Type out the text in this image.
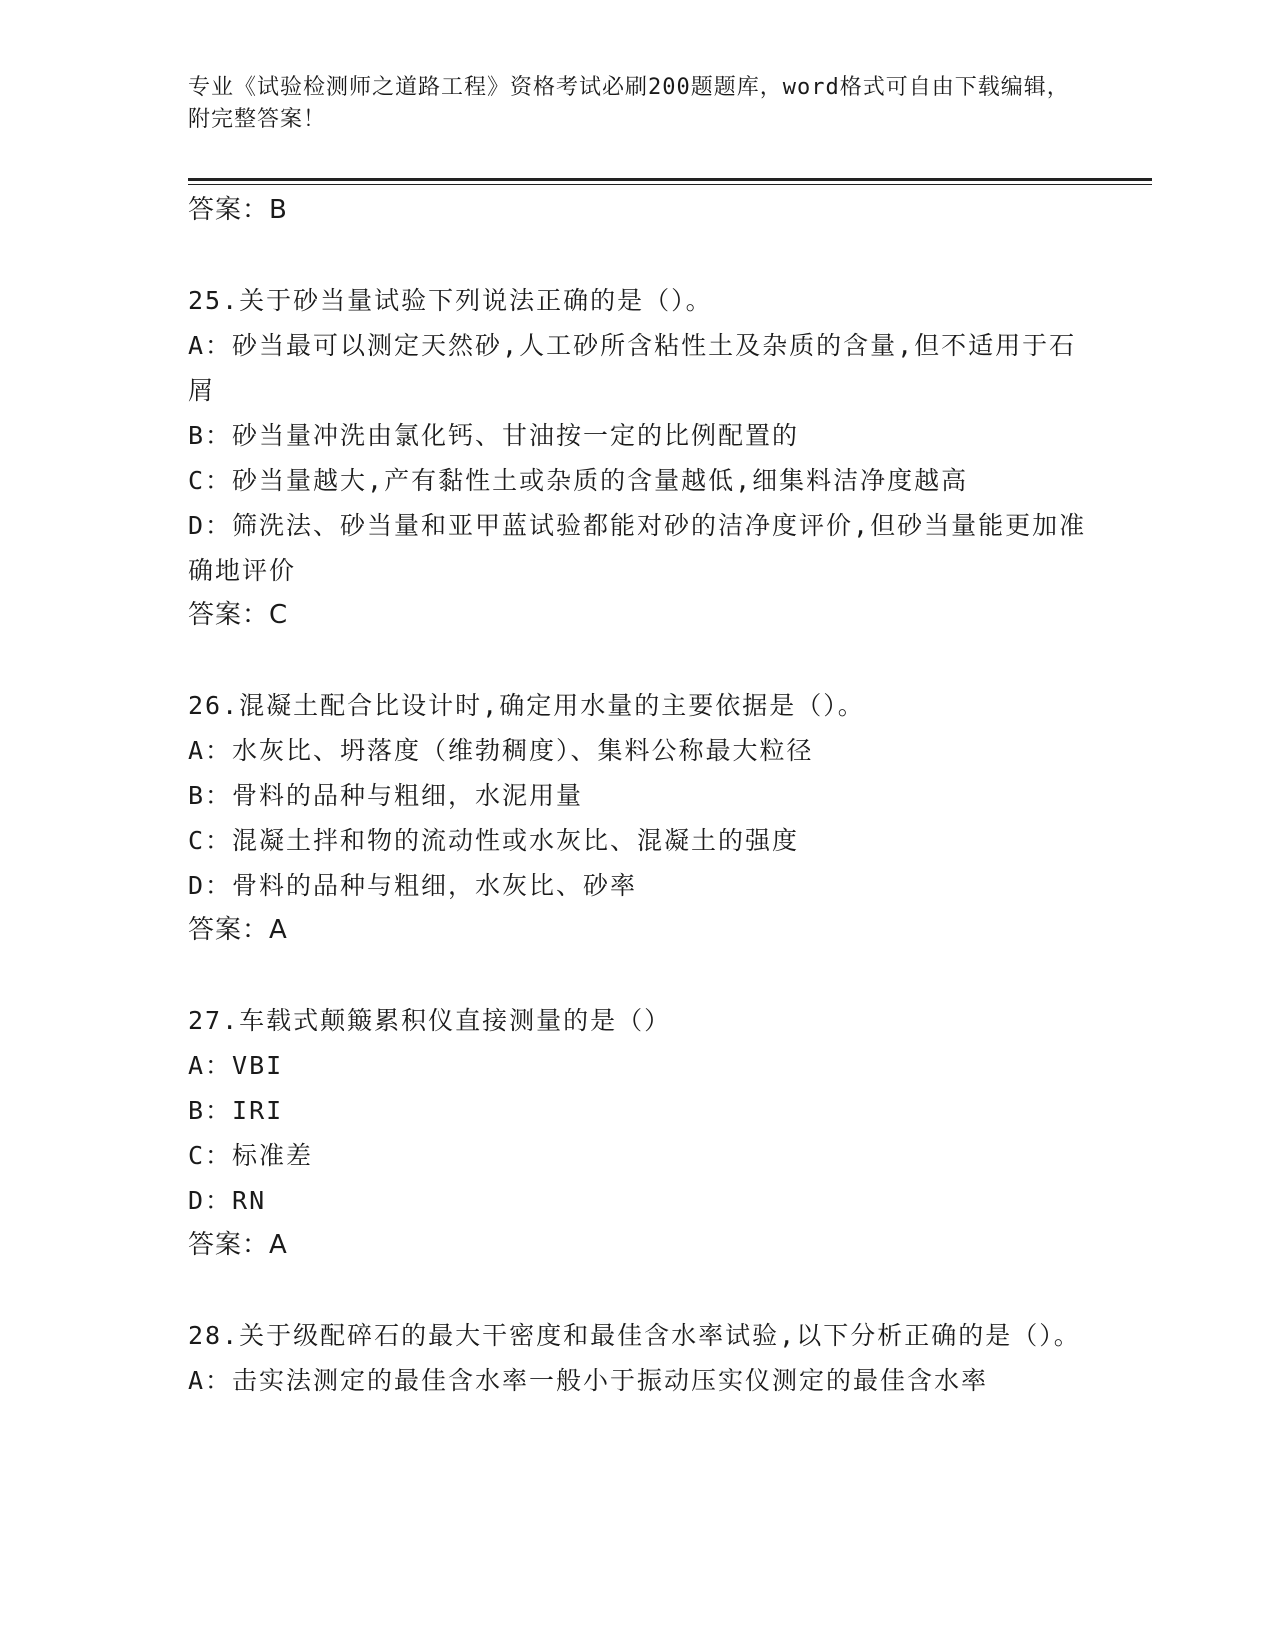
专业《试验检测师之道路工程》资格考试必刷200题题库，word格式可自由下载编辑，附完整答案！
答案：B
25.关于砂当量试验下列说法正确的是（）。
A：砂当最可以测定天然砂,人工砂所含粘性土及杂质的含量,但不适用于石屑
B：砂当量冲洗由氯化钙、甘油按一定的比例配置的
C：砂当量越大,产有黏性土或杂质的含量越低,细集料洁净度越高
D：筛洗法、砂当量和亚甲蓝试验都能对砂的洁净度评价,但砂当量能更加准确地评价
答案：C
26.混凝土配合比设计时,确定用水量的主要依据是（）。
A：水灰比、坍落度（维勃稠度）、集料公称最大粒径
B：骨料的品种与粗细，水泥用量
C：混凝土拌和物的流动性或水灰比、混凝土的强度
D：骨料的品种与粗细，水灰比、砂率
答案：A
27.车载式颠簸累积仪直接测量的是（）
A：VBI
B：IRI
C：标准差
D：RN
答案：A
28.关于级配碎石的最大干密度和最佳含水率试验,以下分析正确的是（）。
A：击实法测定的最佳含水率一般小于振动压实仪测定的最佳含水率
